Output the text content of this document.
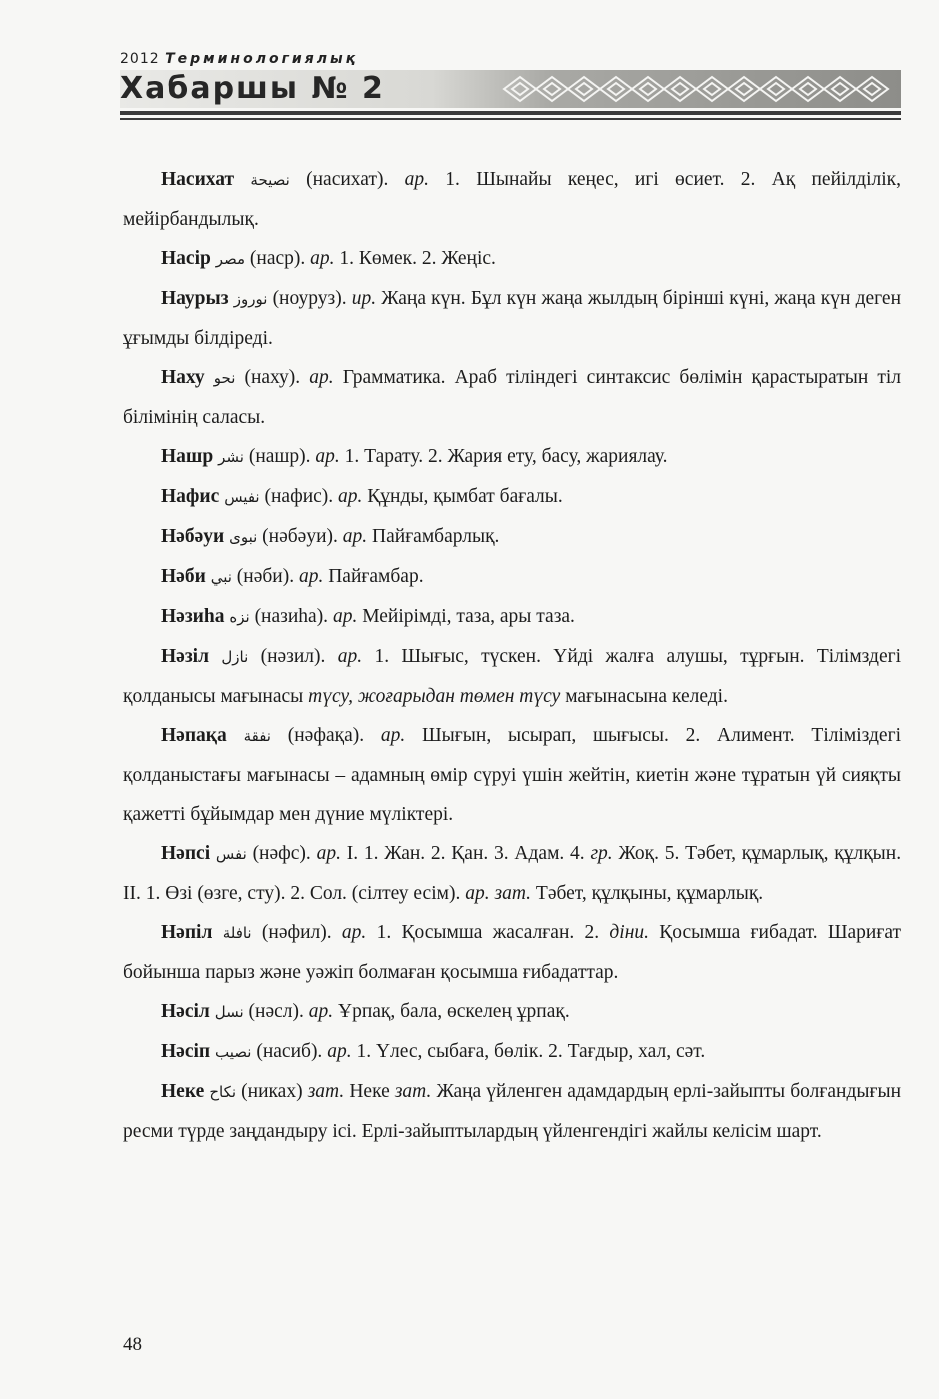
2012 Терминологиялық
Хабаршы № 2

Насихат نصيحة (насихат). ар. 1. Шынайы кеңес, игі өсиет. 2. Ақ пейілділік, мейірбандылық.

Насip مصر (наср). ар. 1. Көмек. 2. Жеңіс.

Наурыз نوروز (ноуруз). ир. Жаңа күн. Бұл күн жаңа жылдың бірінші күні, жаңа күн деген ұғымды білдіреді.

Наху نحو (наху). ар. Грамматика. Араб тіліндегі синтаксис бөлімін қарастыратын тіл білімінің саласы.

Нашр نشر (нашр). ар. 1. Тарату. 2. Жария ету, басу, жариялау.

Нафис نفيس (нафис). ар. Құнды, қымбат бағалы.

Нәбәуи نبوى (нәбәуи). ар. Пайғамбарлық.

Нәби نبي (нәби). ар. Пайғамбар.

Нәзиһа نزه (назиһа). ар. Мейірімді, таза, ары таза.

Нәзіл نازل (нәзил). ар. 1. Шығыс, түскен. Үйді жалға алушы, тұрғын. Тілімздегі қолданысы мағынасы түсу, жоғарыдан төмен түсу мағынасына келеді.

Нәпақа نفقة (нәфақа). ар. Шығын, ысырап, шығысы. 2. Алимент. Тіліміздегі қолданыстағы мағынасы – адамның өмір сүруі үшін жейтін, киетін және тұратын үй сияқты қажетті бұйымдар мен дүние мүліктері.

Нәпсі نفس (нәфс). ар. І. 1. Жан. 2. Қан. 3. Адам. 4. гр. Жоқ. 5. Тәбет, құмарлық, құлқын. ІІ. 1. Өзі (өзге, сту). 2. Сол. (сілтеу есім). ар. зат. Тәбет, құлқыны, құмарлық.

Нәпіл نافلة (нәфил). ар. 1. Қосымша жасалған. 2. діни. Қосымша ғибадат. Шариғат бойынша парыз және уәжіп болмаған қосымша ғибадаттар.

Нәсіл نسل (нәсл). ар. Ұрпақ, бала, өскелең ұрпақ.

Нәсіп نصيب (насиб). ар. 1. Үлес, сыбаға, бөлік. 2. Тағдыр, хал, сәт.

Неке نكاح (никах) зат. Неке зат. Жаңа үйленген адамдардың ерлі-зайыпты болғандығын ресми түрде заңдандыру ісі. Ерлі-зайыптылардың үйленгендігі жайлы келісім шарт.

48
